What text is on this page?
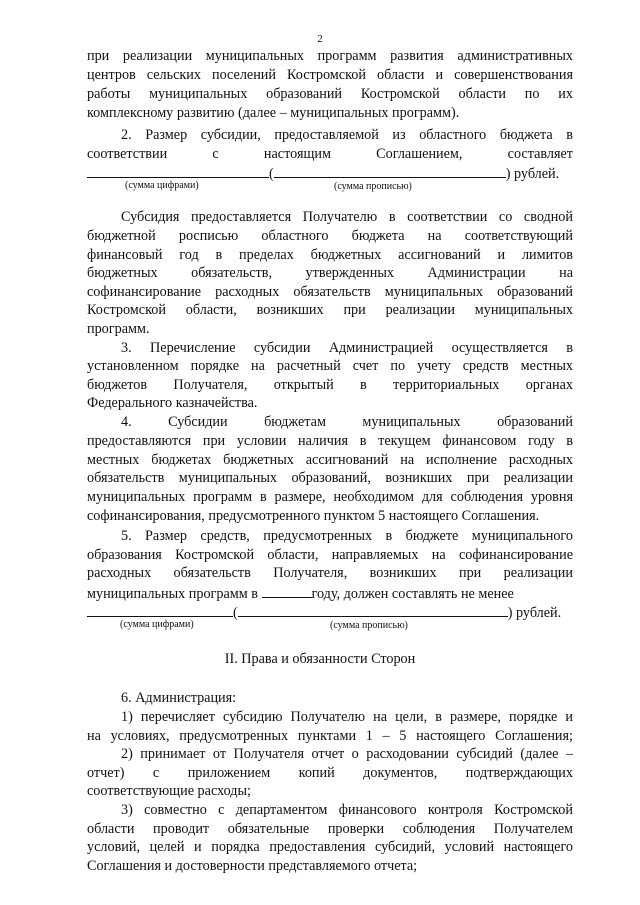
2
при реализации муниципальных программ развития административных
центров сельских поселений Костромской области и совершенствования
работы муниципальных образований Костромской области по их
комплексному развитию (далее – муниципальных программ).
2. Размер субсидии, предоставляемой из областного бюджета в
соответствии с настоящим Соглашением, составляет
(	) рублей.
(сумма цифрами)	(сумма прописью)
Субсидия предоставляется Получателю в соответствии со сводной
бюджетной росписью областного бюджета на соответствующий
финансовый год в пределах бюджетных ассигнований и лимитов
бюджетных обязательств, утвержденных Администрации на
софинансирование расходных обязательств муниципальных образований
Костромской области, возникших при реализации муниципальных
программ.
3. Перечисление субсидии Администрацией осуществляется в
установленном порядке на расчетный счет по учету средств местных
бюджетов Получателя, открытый в территориальных органах
Федерального казначейства.
4. Субсидии бюджетам муниципальных образований
предоставляются при условии наличия в текущем финансовом году в
местных бюджетах бюджетных ассигнований на исполнение расходных
обязательств муниципальных образований, возникших при реализации
муниципальных программ в размере, необходимом для соблюдения уровня
софинансирования, предусмотренного пунктом 5 настоящего Соглашения.
5. Размер средств, предусмотренных в бюджете муниципального
образования Костромской области, направляемых на софинансирование
расходных обязательств Получателя, возникших при реализации
муниципальных программ в	году, должен составлять не менее
(	) рублей.
(сумма цифрами)	(сумма прописью)
II. Права и обязанности Сторон
6. Администрация:
1) перечисляет субсидию Получателю на цели, в размере, порядке и
на условиях, предусмотренных пунктами 1 – 5 настоящего Соглашения;
2) принимает от Получателя отчет о расходовании субсидий (далее –
отчет) с приложением копий документов, подтверждающих
соответствующие расходы;
3) совместно с департаментом финансового контроля Костромской
области проводит обязательные проверки соблюдения Получателем
условий, целей и порядка предоставления субсидий, условий настоящего
Соглашения и достоверности представляемого отчета;
